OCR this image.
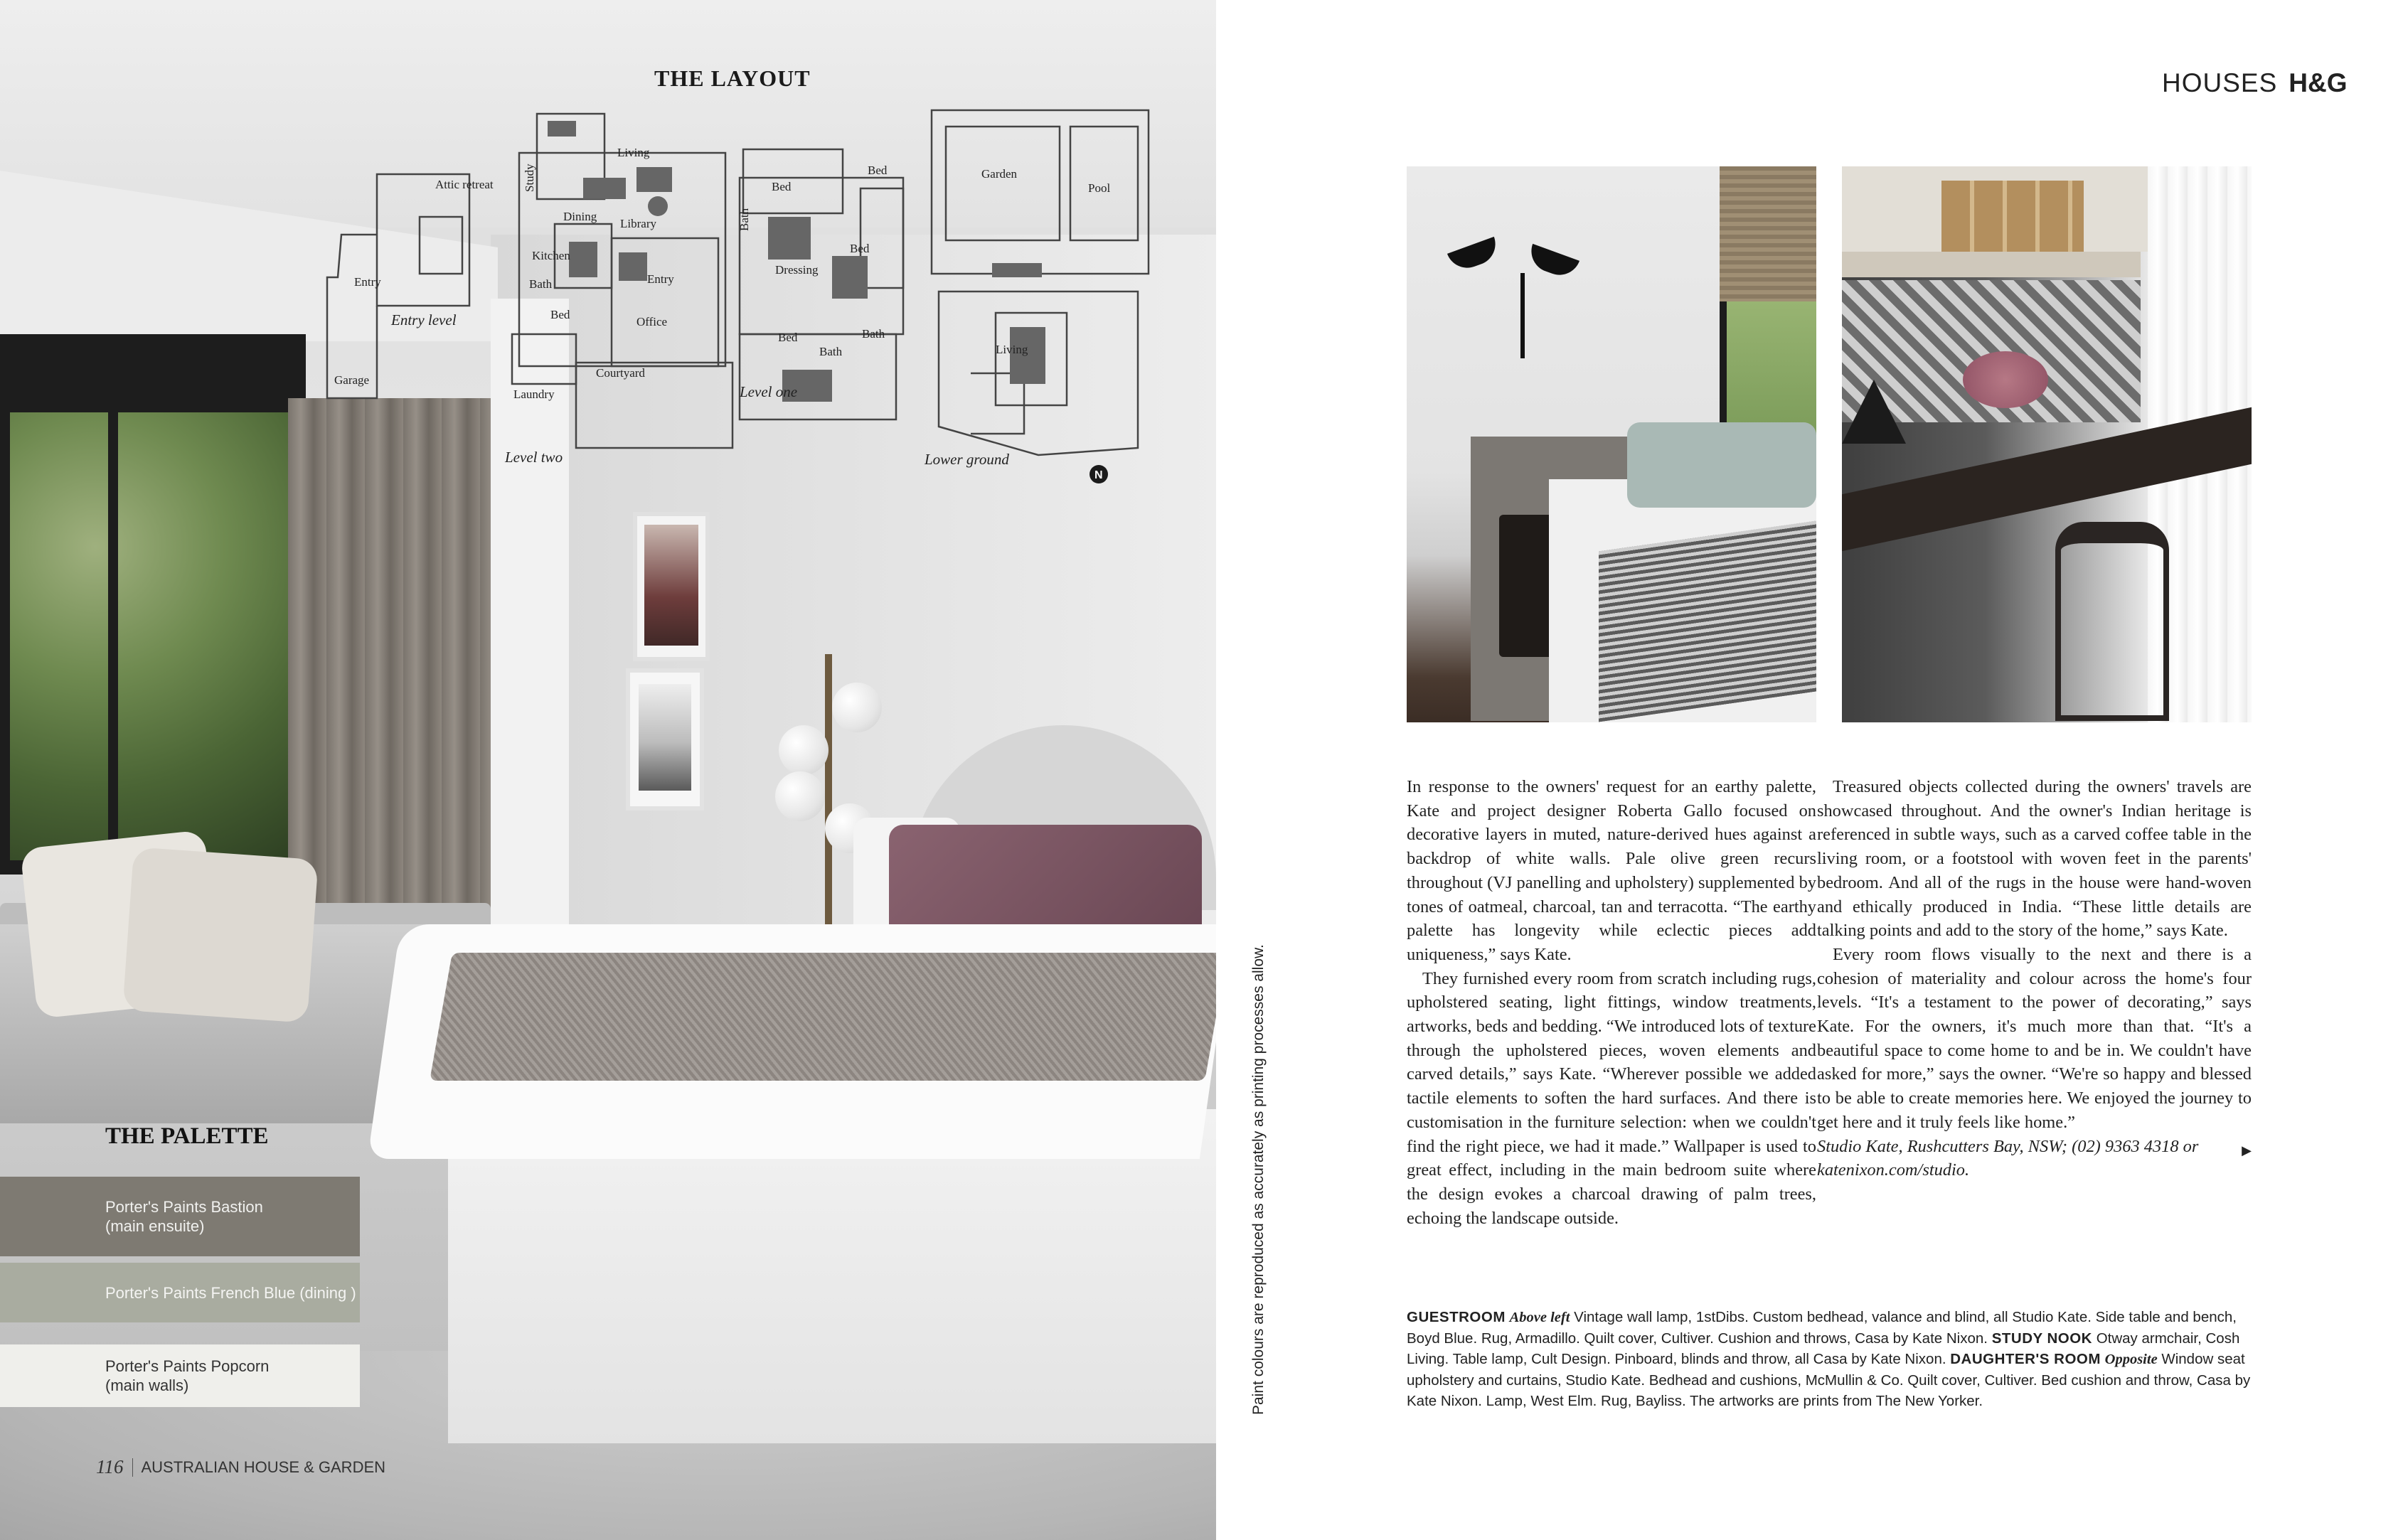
THE LAYOUT
Attic retreat
Entry
Garage
Living
Study
Dining
Library
Kitchen
Entry
Bath
Bed
Office
Courtyard
Laundry
Bed
Bed
Bath
Bed
Dressing
Bath
Bed
Bath
Garden
Pool
Living
Entry level
Level two
Level one
Lower ground
N
THE PALETTE
Porter's Paints Bastion
(main ensuite)
Porter's Paints French Blue (dining )
Porter's Paints Popcorn
(main walls)
116 AUSTRALIAN HOUSE & GARDEN
Paint colours are reproduced as accurately as printing processes allow.
HOUSES H&G

In response to the owners' request for an earthy palette, Kate and project designer Roberta Gallo focused on decorative layers in muted, nature-derived hues against a backdrop of white walls. Pale olive green recurs throughout (VJ panelling and upholstery) supplemented by tones of oatmeal, charcoal, tan and terracotta. “The earthy palette has longevity while eclectic pieces add uniqueness,” says Kate.

They furnished every room from scratch including rugs, upholstered seating, light fittings, window treatments, artworks, beds and bedding. “We introduced lots of texture through the upholstered pieces, woven elements and carved details,” says Kate. “Wherever possible we added tactile elements to soften the hard surfaces. And there is customisation in the furniture selection: when we couldn't find the right piece, we had it made.” Wallpaper is used to great effect, including in the main bedroom suite where the design evokes a charcoal drawing of palm trees, echoing the landscape outside.

Treasured objects collected during the owners' travels are showcased throughout. And the owner's Indian heritage is referenced in subtle ways, such as a carved coffee table in the living room, or a footstool with woven feet in the parents' bedroom. And all of the rugs in the house were hand-woven and ethically produced in India. “These little details are talking points and add to the story of the home,” says Kate.

Every room flows visually to the next and there is a cohesion of materiality and colour across the home's four levels. “It's a testament to the power of decorating,” says Kate. For the owners, it's much more than that. “It's a beautiful space to come home to and be in. We couldn't have asked for more,” says the owner. “We're so happy and blessed to be able to create memories here. We enjoyed the journey to get here and it truly feels like home.”

▶

Studio Kate, Rushcutters Bay, NSW; (02) 9363 4318 or katenixon.com/studio.

GUESTROOM Above left Vintage wall lamp, 1stDibs. Custom bedhead, valance and blind, all Studio Kate. Side table and bench, Boyd Blue. Rug, Armadillo. Quilt cover, Cultiver. Cushion and throws, Casa by Kate Nixon. STUDY NOOK Otway armchair, Cosh Living. Table lamp, Cult Design. Pinboard, blinds and throw, all Casa by Kate Nixon. DAUGHTER'S ROOM Opposite Window seat upholstery and curtains, Studio Kate. Bedhead and cushions, McMullin & Co. Quilt cover, Cultiver. Bed cushion and throw, Casa by Kate Nixon. Lamp, West Elm. Rug, Bayliss. The artworks are prints from The New Yorker.
